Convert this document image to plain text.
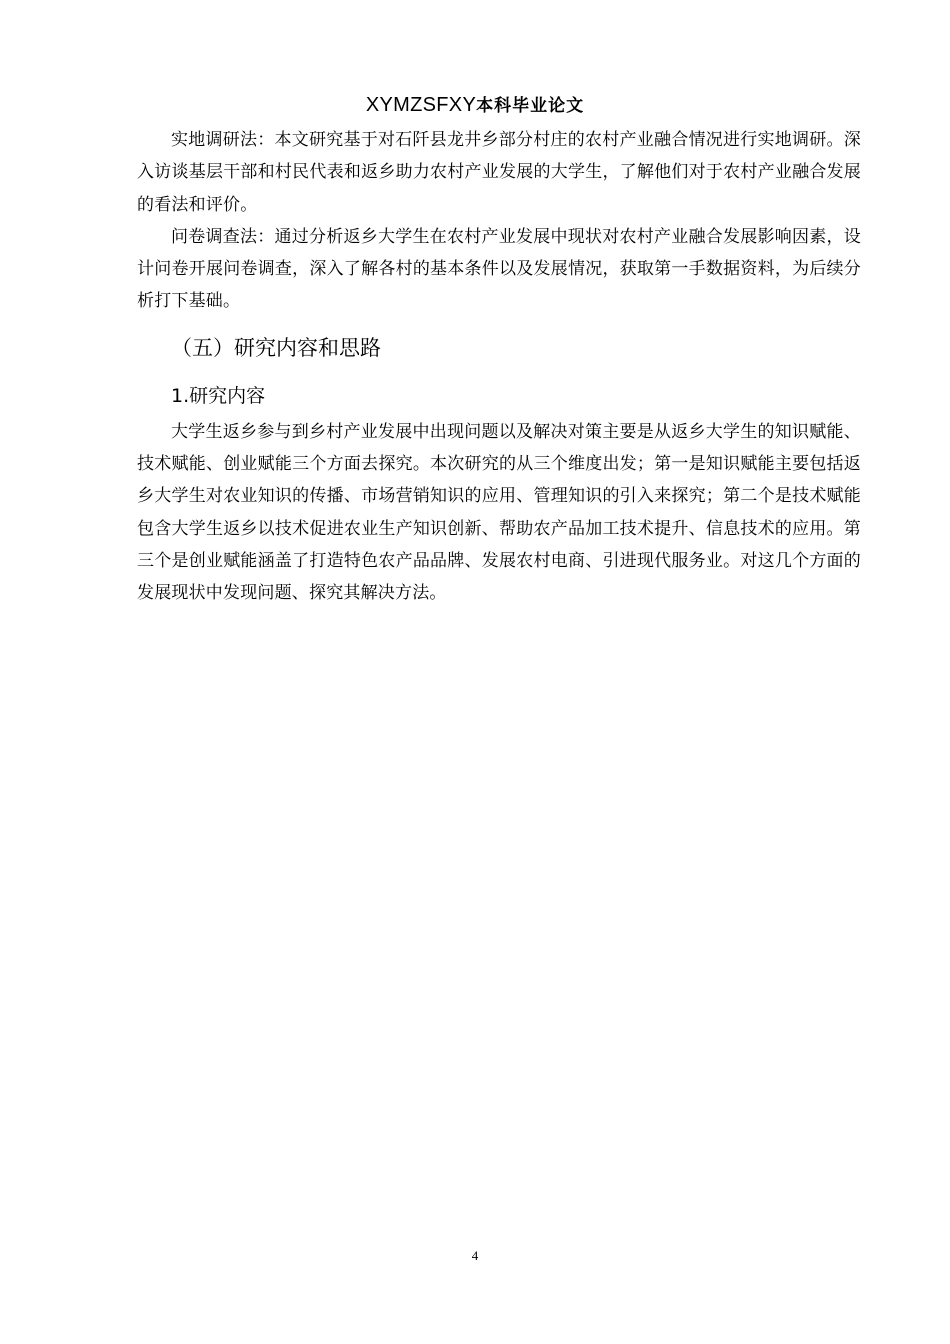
XYMZSFXY本科毕业论文

实地调研法：本文研究基于对石阡县龙井乡部分村庄的农村产业融合情况进行实地调研。深入访谈基层干部和村民代表和返乡助力农村产业发展的大学生，了解他们对于农村产业融合发展的看法和评价。

问卷调查法：通过分析返乡大学生在农村产业发展中现状对农村产业融合发展影响因素，设计问卷开展问卷调查，深入了解各村的基本条件以及发展情况，获取第一手数据资料，为后续分析打下基础。

（五）研究内容和思路
1.研究内容

大学生返乡参与到乡村产业发展中出现问题以及解决对策主要是从返乡大学生的知识赋能、技术赋能、创业赋能三个方面去探究。本次研究的从三个维度出发；第一是知识赋能主要包括返乡大学生对农业知识的传播、市场营销知识的应用、管理知识的引入来探究；第二个是技术赋能包含大学生返乡以技术促进农业生产知识创新、帮助农产品加工技术提升、信息技术的应用。第三个是创业赋能涵盖了打造特色农产品品牌、发展农村电商、引进现代服务业。对这几个方面的发展现状中发现问题、探究其解决方法。

4
